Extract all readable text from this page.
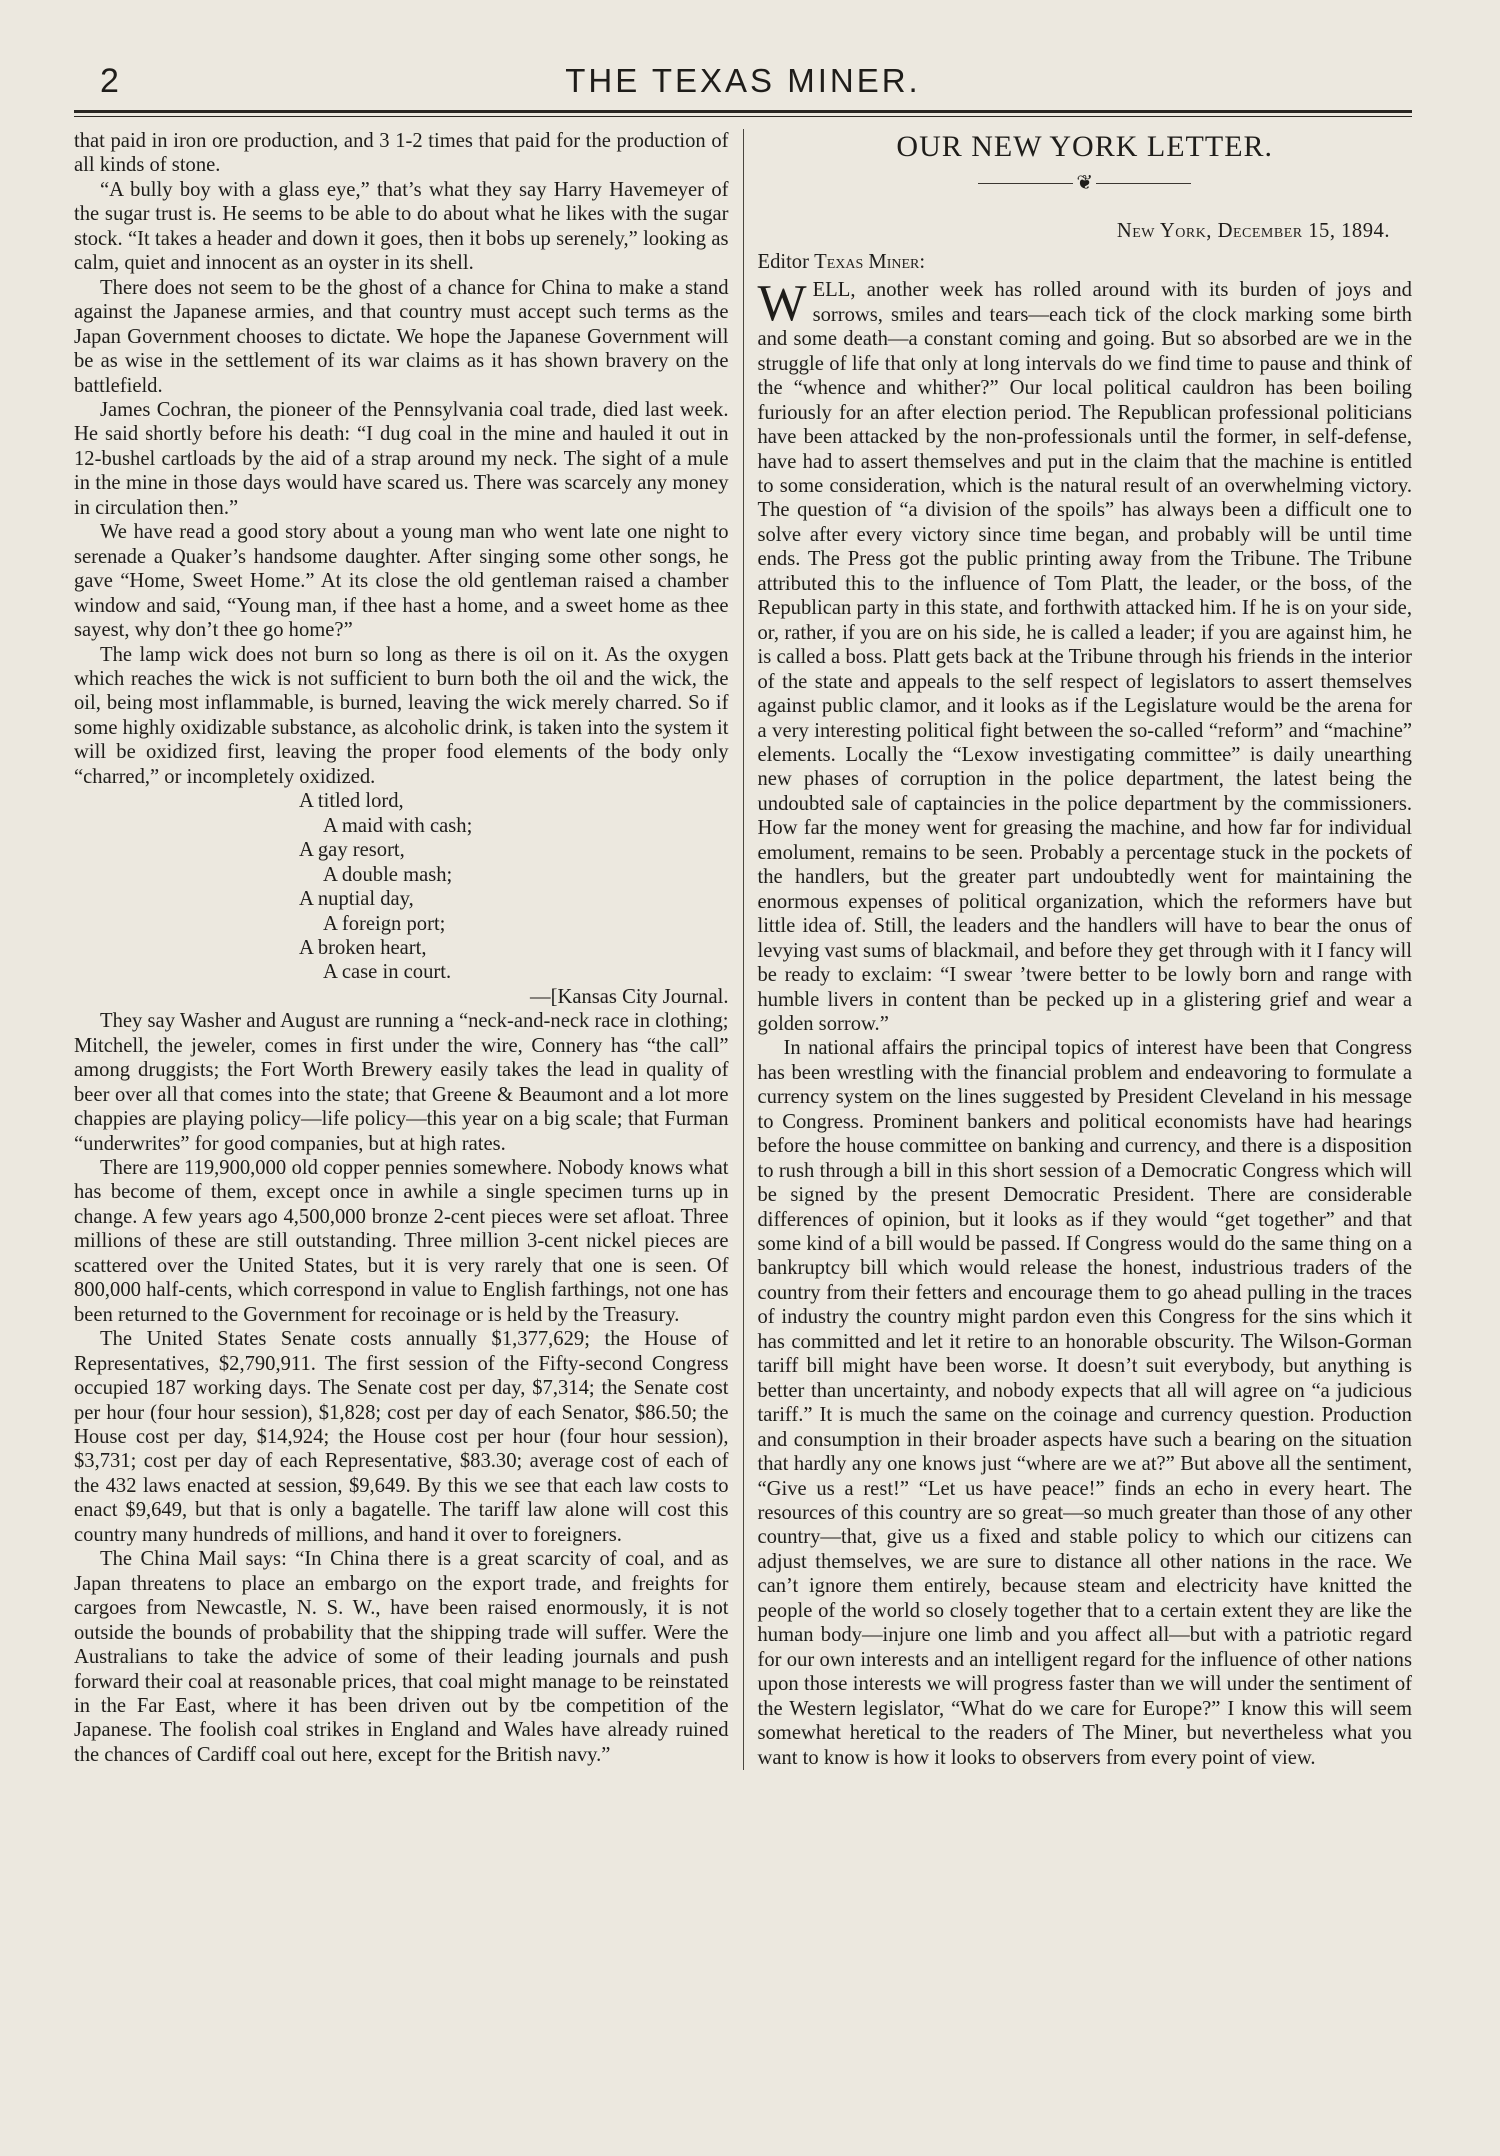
2	THE TEXAS MINER.

that paid in iron ore production, and 3 1-2 times that paid for the production of all kinds of stone.

“A bully boy with a glass eye,” that’s what they say Harry Havemeyer of the sugar trust is. He seems to be able to do about what he likes with the sugar stock. “It takes a header and down it goes, then it bobs up serenely,” looking as calm, quiet and innocent as an oyster in its shell.

There does not seem to be the ghost of a chance for China to make a stand against the Japanese armies, and that country must accept such terms as the Japan Government chooses to dictate. We hope the Japanese Government will be as wise in the settlement of its war claims as it has shown bravery on the battlefield.

James Cochran, the pioneer of the Pennsylvania coal trade, died last week. He said shortly before his death: “I dug coal in the mine and hauled it out in 12-bushel cartloads by the aid of a strap around my neck. The sight of a mule in the mine in those days would have scared us. There was scarcely any money in circulation then.”

We have read a good story about a young man who went late one night to serenade a Quaker’s handsome daughter. After singing some other songs, he gave “Home, Sweet Home.” At its close the old gentleman raised a chamber window and said, “Young man, if thee hast a home, and a sweet home as thee sayest, why don’t thee go home?”

The lamp wick does not burn so long as there is oil on it. As the oxygen which reaches the wick is not sufficient to burn both the oil and the wick, the oil, being most inflammable, is burned, leaving the wick merely charred. So if some highly oxidizable substance, as alcoholic drink, is taken into the system it will be oxidized first, leaving the proper food elements of the body only “charred,” or incompletely oxidized.

A titled lord,
A maid with cash;
A gay resort,
A double mash;
A nuptial day,
A foreign port;
A broken heart,
A case in court.

—[Kansas City Journal.

They say Washer and August are running a “neck-and-neck race in clothing; Mitchell, the jeweler, comes in first under the wire, Connery has “the call” among druggists; the Fort Worth Brewery easily takes the lead in quality of beer over all that comes into the state; that Greene & Beaumont and a lot more chappies are playing policy—life policy—this year on a big scale; that Furman “underwrites” for good companies, but at high rates.

There are 119,900,000 old copper pennies somewhere. Nobody knows what has become of them, except once in awhile a single specimen turns up in change. A few years ago 4,500,000 bronze 2-cent pieces were set afloat. Three millions of these are still outstanding. Three million 3-cent nickel pieces are scattered over the United States, but it is very rarely that one is seen. Of 800,000 half-cents, which correspond in value to English farthings, not one has been returned to the Government for recoinage or is held by the Treasury.

The United States Senate costs annually $1,377,629; the House of Representatives, $2,790,911. The first session of the Fifty-second Congress occupied 187 working days. The Senate cost per day, $7,314; the Senate cost per hour (four hour session), $1,828; cost per day of each Senator, $86.50; the House cost per day, $14,924; the House cost per hour (four hour session), $3,731; cost per day of each Representative, $83.30; average cost of each of the 432 laws enacted at session, $9,649. By this we see that each law costs to enact $9,649, but that is only a bagatelle. The tariff law alone will cost this country many hundreds of millions, and hand it over to foreigners.

The China Mail says: “In China there is a great scarcity of coal, and as Japan threatens to place an embargo on the export trade, and freights for cargoes from Newcastle, N. S. W., have been raised enormously, it is not outside the bounds of probability that the shipping trade will suffer. Were the Australians to take the advice of some of their leading journals and push forward their coal at reasonable prices, that coal might manage to be reinstated in the Far East, where it has been driven out by tbe competition of the Japanese. The foolish coal strikes in England and Wales have already ruined the chances of Cardiff coal out here, except for the British navy.”

OUR NEW YORK LETTER.
❦
New York, December 15, 1894.
Editor Texas Miner:

WELL, another week has rolled around with its burden of joys and sorrows, smiles and tears—each tick of the clock marking some birth and some death—a constant coming and going. But so absorbed are we in the struggle of life that only at long intervals do we find time to pause and think of the “whence and whither?” Our local political cauldron has been boiling furiously for an after election period. The Republican professional politicians have been attacked by the non-professionals until the former, in self-defense, have had to assert themselves and put in the claim that the machine is entitled to some consideration, which is the natural result of an overwhelming victory. The question of “a division of the spoils” has always been a difficult one to solve after every victory since time began, and probably will be until time ends. The Press got the public printing away from the Tribune. The Tribune attributed this to the influence of Tom Platt, the leader, or the boss, of the Republican party in this state, and forthwith attacked him. If he is on your side, or, rather, if you are on his side, he is called a leader; if you are against him, he is called a boss. Platt gets back at the Tribune through his friends in the interior of the state and appeals to the self respect of legislators to assert themselves against public clamor, and it looks as if the Legislature would be the arena for a very interesting political fight between the so-called “reform” and “machine” elements. Locally the “Lexow investigating committee” is daily unearthing new phases of corruption in the police department, the latest being the undoubted sale of captaincies in the police department by the commissioners. How far the money went for greasing the machine, and how far for individual emolument, remains to be seen. Probably a percentage stuck in the pockets of the handlers, but the greater part undoubtedly went for maintaining the enormous expenses of political organization, which the reformers have but little idea of. Still, the leaders and the handlers will have to bear the onus of levying vast sums of blackmail, and before they get through with it I fancy will be ready to exclaim: “I swear ’twere better to be lowly born and range with humble livers in content than be pecked up in a glistering grief and wear a golden sorrow.”

In national affairs the principal topics of interest have been that Congress has been wrestling with the financial problem and endeavoring to formulate a currency system on the lines suggested by President Cleveland in his message to Congress. Prominent bankers and political economists have had hearings before the house committee on banking and currency, and there is a disposition to rush through a bill in this short session of a Democratic Congress which will be signed by the present Democratic President. There are considerable differences of opinion, but it looks as if they would “get together” and that some kind of a bill would be passed. If Congress would do the same thing on a bankruptcy bill which would release the honest, industrious traders of the country from their fetters and encourage them to go ahead pulling in the traces of industry the country might pardon even this Congress for the sins which it has committed and let it retire to an honorable obscurity. The Wilson-Gorman tariff bill might have been worse. It doesn’t suit everybody, but anything is better than uncertainty, and nobody expects that all will agree on “a judicious tariff.” It is much the same on the coinage and currency question. Production and consumption in their broader aspects have such a bearing on the situation that hardly any one knows just “where are we at?” But above all the sentiment, “Give us a rest!” “Let us have peace!” finds an echo in every heart. The resources of this country are so great—so much greater than those of any other country—that, give us a fixed and stable policy to which our citizens can adjust themselves, we are sure to distance all other nations in the race. We can’t ignore them entirely, because steam and electricity have knitted the people of the world so closely together that to a certain extent they are like the human body—injure one limb and you affect all—but with a patriotic regard for our own interests and an intelligent regard for the influence of other nations upon those interests we will progress faster than we will under the sentiment of the Western legislator, “What do we care for Europe?” I know this will seem somewhat heretical to the readers of The Miner, but nevertheless what you want to know is how it looks to observers from every point of view.
